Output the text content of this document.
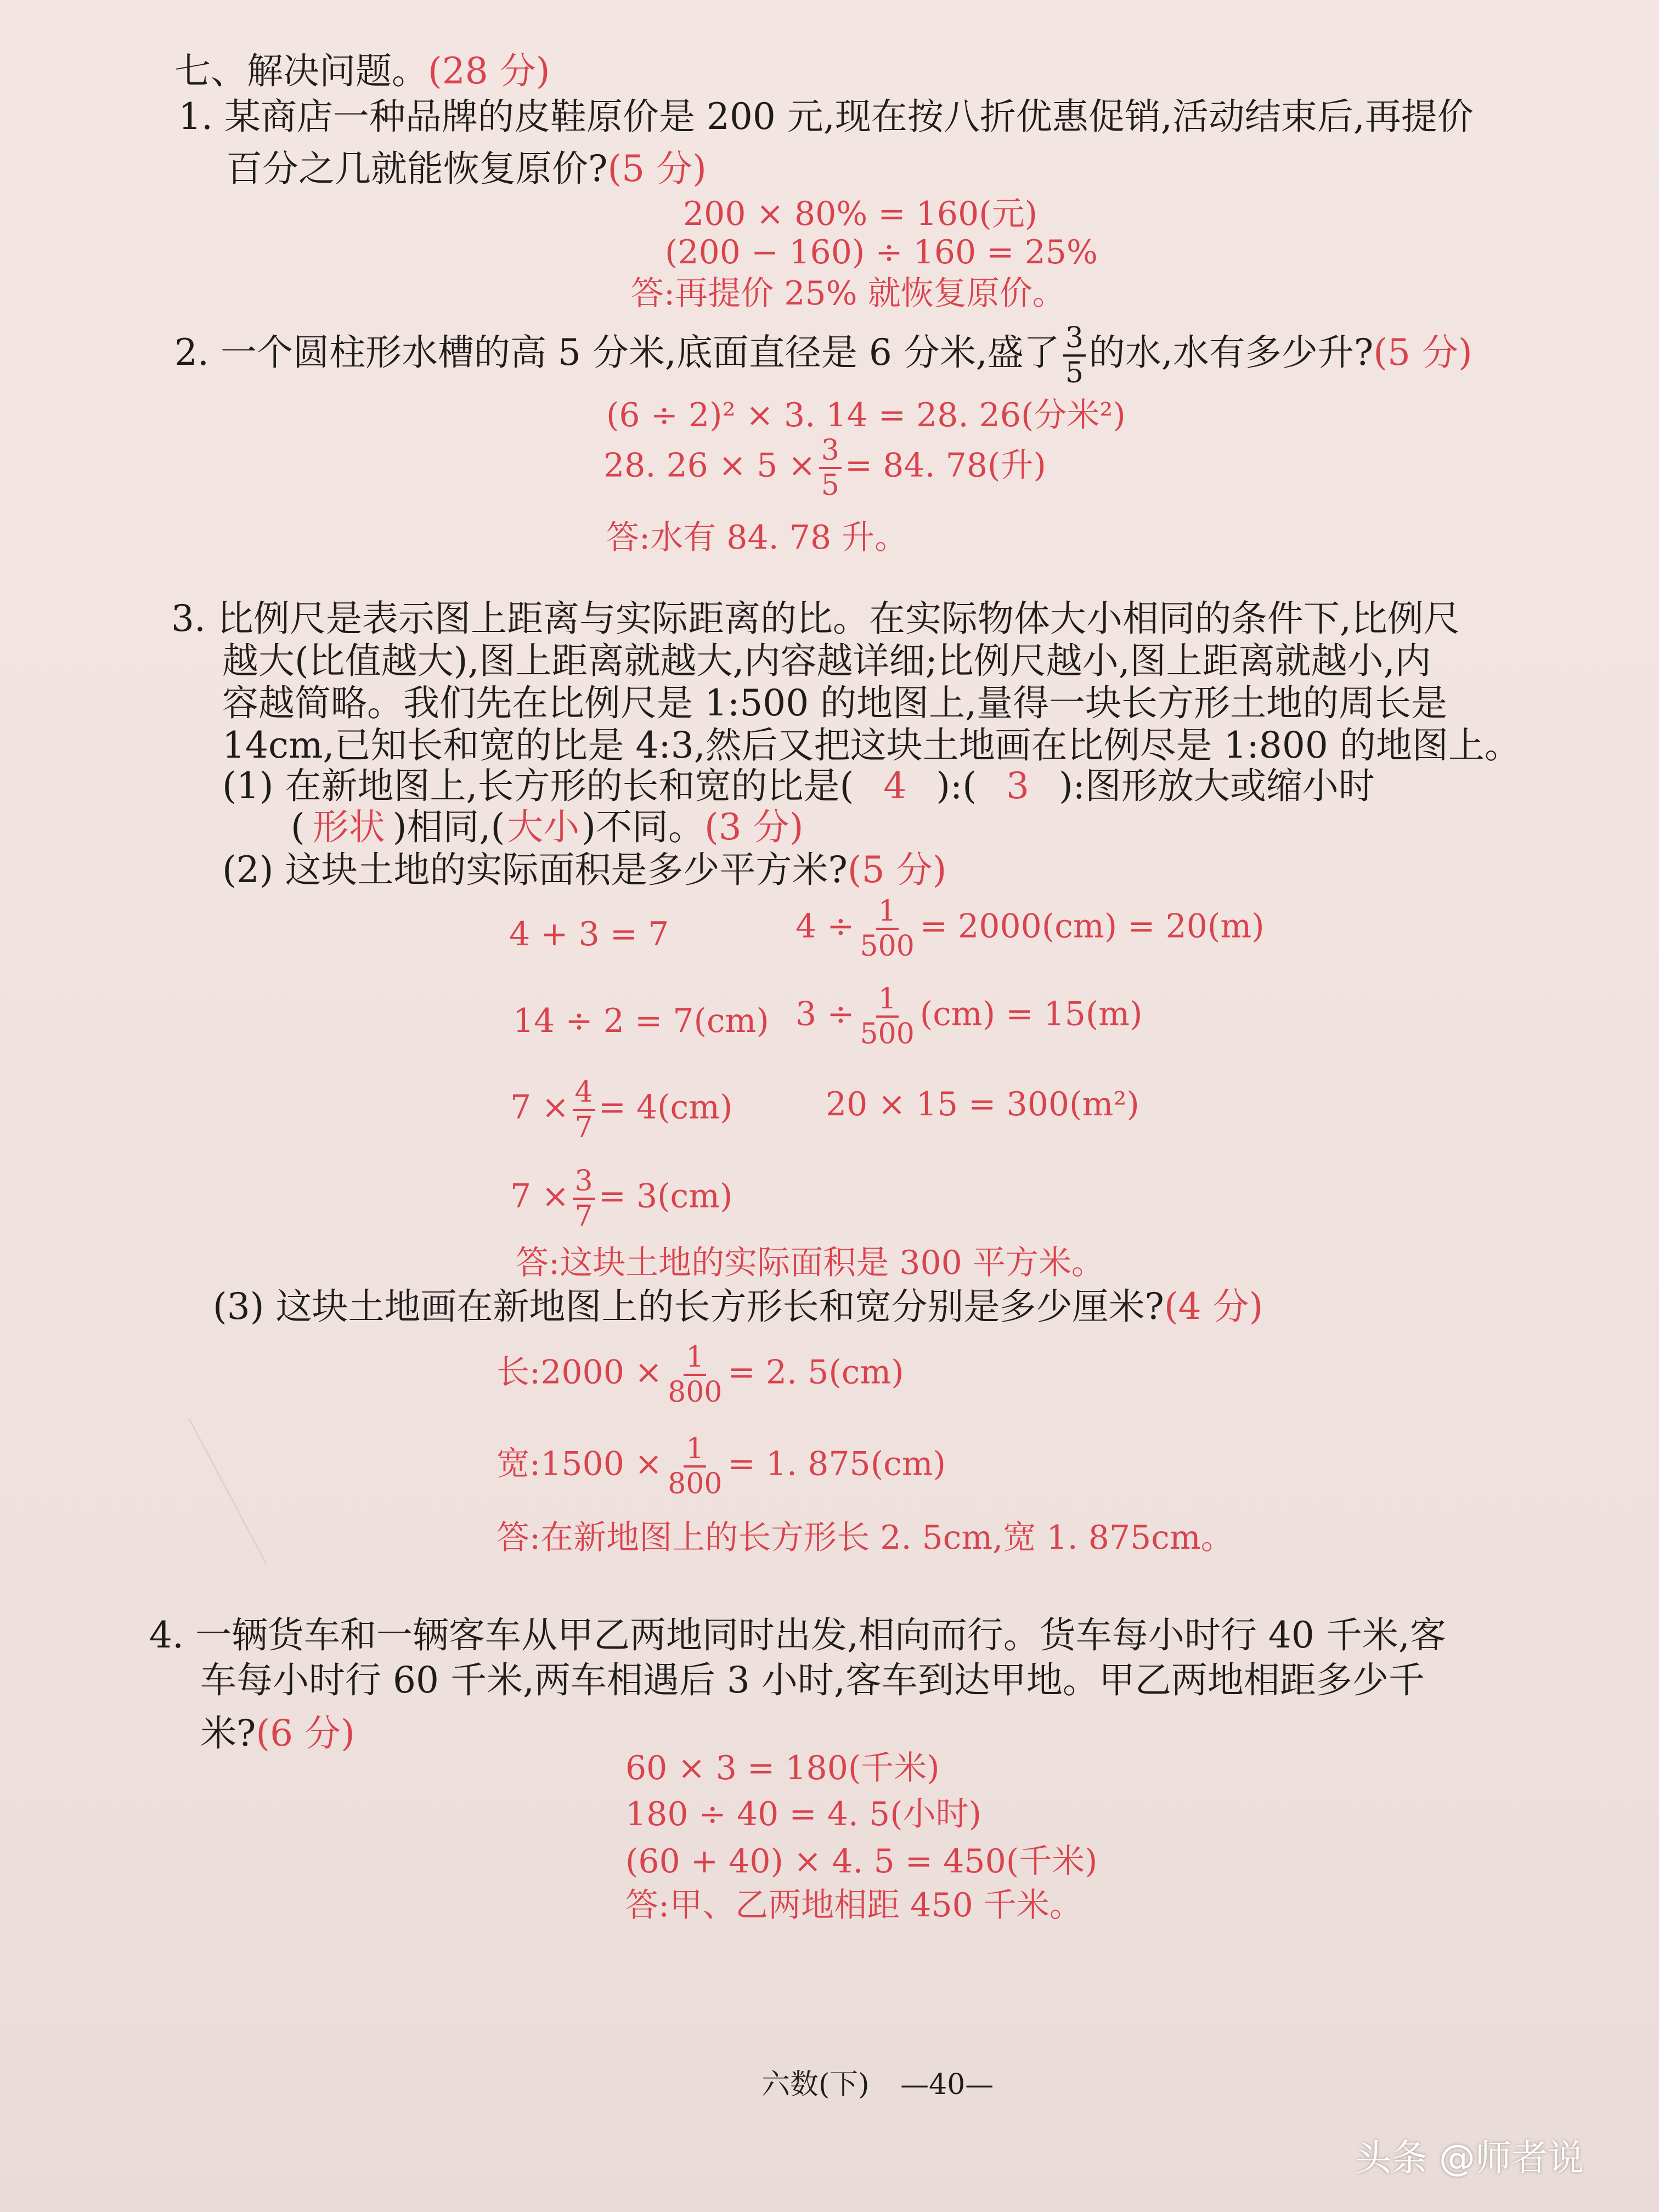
七、解决问题。(28 分)
1. 某商店一种品牌的皮鞋原价是 200 元,现在按八折优惠促销,活动结束后,再提价
百分之几就能恢复原价?(5 分)
200 × 80% = 160(元)
(200 − 160) ÷ 160 = 25%
答:再提价 25% 就恢复原价。
2. 一个圆柱形水槽的高 5 分米,底面直径是 6 分米,盛了 $\frac{3}{5}$ 的水,水有多少升?(5 分)
(6 ÷ 2)² × 3. 14 = 28. 26(分米²)
28. $26 \times 5 \times \frac{3}{5} = 84$. 78(升)
答:水有 84. 78 升。
3. 比例尺是表示图上距离与实际距离的比。在实际物体大小相同的条件下,比例尺
越大(比值越大),图上距离就越大,内容越详细;比例尺越小,图上距离就越小,内
容越简略。我们先在比例尺是 1:500 的地图上,量得一块长方形土地的周长是
14cm,已知长和宽的比是 4:3,然后又把这块土地画在比例尽是 1:800 的地图上。
(1) 在新地图上,长方形的长和宽的比是( 4 ):( 3 ):图形放大或缩小时
( 形状 )相同,(大小)不同。(3 分)
(2) 这块土地的实际面积是多少平方米?(5 分)
4 + 3 = 7
14 ÷ 2 = 7(cm)
$7 \times \frac{4}{7} = 4(cm)$
$7 \times \frac{3}{7} = 3(cm)$
$4 \div \frac{1}{500} = 2000(cm) = 20(m)$
$3 \div \frac{1}{500} (cm) = 15(m)$
20 × 15 = 300(m²)
答:这块土地的实际面积是 300 平方米。
(3) 这块土地画在新地图上的长方形长和宽分别是多少厘米?(4 分)
长:2000 × $\frac{1}{800} = 2$. 5(cm)
宽:1500 × $\frac{1}{800} = 1$. 875(cm)
答:在新地图上的长方形长 2. 5cm,宽 1. 875cm。
4. 一辆货车和一辆客车从甲乙两地同时出发,相向而行。货车每小时行 40 千米,客
车每小时行 60 千米,两车相遇后 3 小时,客车到达甲地。甲乙两地相距多少千
米?(6 分)
60 × 3 = 180(千米)
180 ÷ 40 = 4. 5(小时)
(60 + 40) × 4. 5 = 450(千米)
答:甲、乙两地相距 450 千米。
六数(下) —40—
头条 @师者说
